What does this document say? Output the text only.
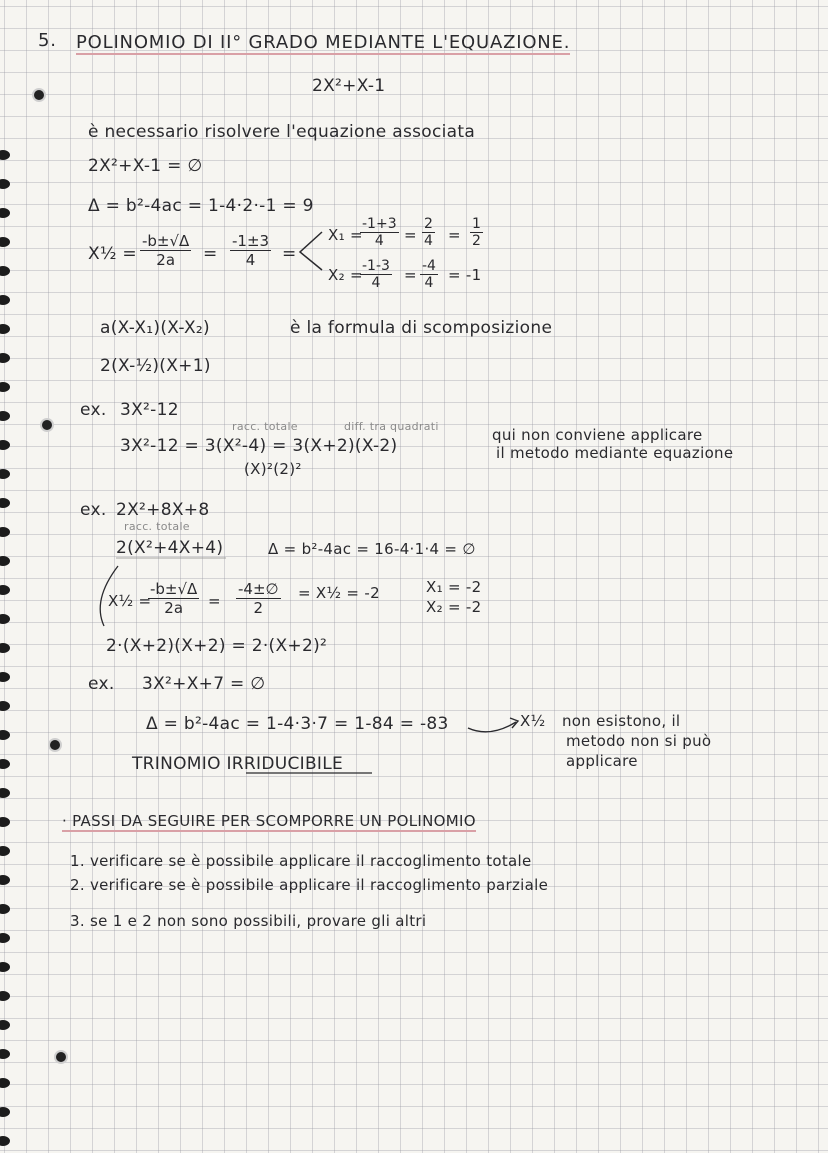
5. POLINOMIO DI II° GRADO MEDIANTE L'EQUAZIONE.
2X²+X-1
è necessario risolvere l'equazione associata
2X²+X-1 = ∅
Δ = b²-4ac = 1-4·2·-1 = 9
X½ = $\frac{-b\pm√\Delta}{2a} = \frac{-1\pm 3}{4}$ =
X₁ =
$\frac{-1+3}{4} = \frac{2}{4} = \frac{1}{2}$
X₂ =
$\frac{-1-3}{4} = \frac{-4}{4} = -1$
a(X-X₁)(X-X₂)	è la formula di scomposizione
2(X-½)(X+1)
ex. 3X²-12
racc. totale	diff. tra quadrati
3X²-12 = 3(X²-4) = 3(X+2)(X-2)
(X)²(2)²
qui non conviene applicare
il metodo mediante equazione
ex. 2X²+8X+8
racc. totale
2(X²+4X+4)	Δ = b²-4ac = 16-4·1·4 = ∅
X½ =
$\frac{-b\pm√\Delta}{2a} = \frac{-4\pm\emptyset}{2}$ = X½ = -2	X₁ = -2
X₂ = -2
2·(X+2)(X+2) = 2·(X+2)²
ex. 3X²+X+7 = ∅
Δ = b²-4ac = 1-4·3·7 = 1-84 = -83	X½ non esistono, il
metodo non si può
applicare
TRINOMIO IRRIDUCIBILE
· PASSI DA SEGUIRE PER SCOMPORRE UN POLINOMIO
1. verificare se è possibile applicare il raccoglimento totale
2. verificare se è possibile applicare il raccoglimento parziale
3. se 1 e 2 non sono possibili, provare gli altri
